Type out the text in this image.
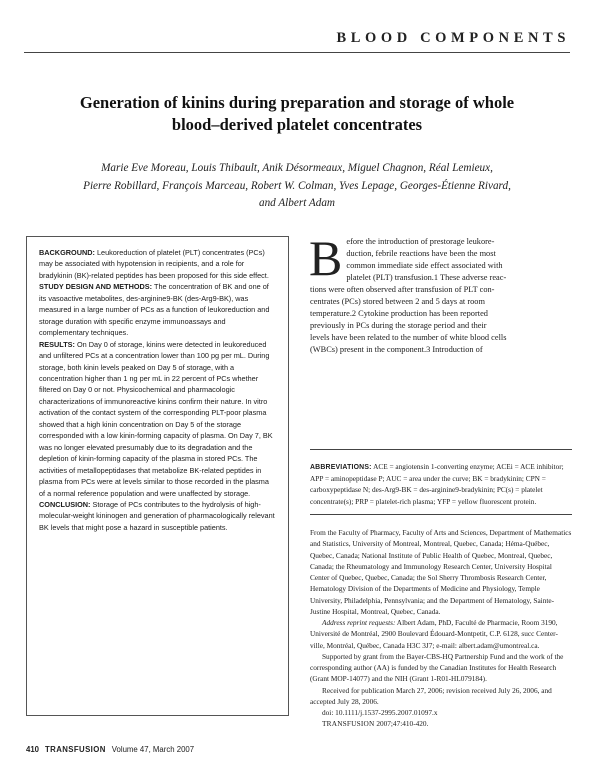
BLOOD COMPONENTS
Generation of kinins during preparation and storage of whole
blood–derived platelet concentrates
Marie Eve Moreau, Louis Thibault, Anik Désormeaux, Miguel Chagnon, Réal Lemieux,
Pierre Robillard, François Marceau, Robert W. Colman, Yves Lepage, Georges-Étienne Rivard,
and Albert Adam

BACKGROUND: Leukoreduction of platelet (PLT) concentrates (PCs) may be associated with hypotension in recipients, and a role for bradykinin (BK)-related peptides has been proposed for this side effect.

STUDY DESIGN AND METHODS: The concentration of BK and one of its vasoactive metabolites, des-arginine9-BK (des-Arg9-BK), was measured in a large number of PCs as a function of leukoreduction and storage duration with specific enzyme immunoassays and complementary techniques.

RESULTS: On Day 0 of storage, kinins were detected in leukoreduced and unfiltered PCs at a concentration lower than 100 pg per mL. During storage, both kinin levels peaked on Day 5 of storage, with a concentration higher than 1 ng per mL in 22 percent of PCs whether filtered on Day 0 or not. Physicochemical and pharmacologic characterizations of immunoreactive kinins confirm their nature. In vitro activation of the contact system of the corresponding PLT-poor plasma showed that a high kinin concentration on Day 5 of the storage corresponded with a low kinin-forming capacity of plasma. On Day 7, BK was no longer elevated presumably due to its degradation and the depletion of kinin-forming capacity of the plasma in stored PCs. The activities of metallopeptidases that metabolize BK-related peptides in plasma from PCs were at levels similar to those recorded in the plasma of a normal reference population and were unaffected by storage.

CONCLUSION: Storage of PCs contributes to the hydrolysis of high-molecular-weight kininogen and generation of pharmacologically relevant BK levels that might pose a hazard in susceptible patients.

B efore the introduction of prestorage leukore-
duction, febrile reactions have been the most
common immediate side effect associated with
platelet (PLT) transfusion.1 These adverse reac-
tions were often observed after transfusion of PLT con-
centrates (PCs) stored between 2 and 5 days at room
temperature.2 Cytokine production has been reported
previously in PCs during the storage period and their
levels have been related to the number of white blood cells
(WBCs) present in the component.3 Introduction of
ABBREVIATIONS: ACE = angiotensin 1-converting enzyme; ACEi = ACE inhibitor; APP = aminopeptidase P; AUC = area under the curve; BK = bradykinin; CPN = carboxypeptidase N; des-Arg9-BK = des-arginine9-bradykinin; PC(s) = platelet concentrate(s); PRP = platelet-rich plasma; YFP = yellow fluorescent protein.

From the Faculty of Pharmacy, Faculty of Arts and Sciences, Department of Mathematics and Statistics, University of Montreal, Montreal, Quebec, Canada; Héma-Québec, Quebec, Canada; National Institute of Public Health of Quebec, Montreal, Quebec, Canada; the Rheumatology and Immunology Research Center, University Hospital Center of Quebec, Quebec, Canada; the Sol Sherry Thrombosis Research Center, Hematology Division of the Departments of Medicine and Physiology, Temple University, Philadelphia, Pennsylvania; and the Department of Hematology, Sainte-Justine Hospital, Montreal, Quebec, Canada.

Address reprint requests: Albert Adam, PhD, Faculté de Pharmacie, Room 3190, Université de Montréal, 2900 Boulevard Édouard-Montpetit, C.P. 6128, succ Center-ville, Montréal, Québec, Canada H3C 3J7; e-mail: albert.adam@umontreal.ca.

Supported by grant from the Bayer-CBS-HQ Partnership Fund and the work of the corresponding author (AA) is funded by the Canadian Institutes for Health Research (Grant MOP-14077) and the NIH (Grant 1-R01-HL079184).

Received for publication March 27, 2006; revision received July 26, 2006, and accepted July 28, 2006.

doi: 10.1111/j.1537-2995.2007.01097.x

TRANSFUSION 2007;47:410-420.

410 TRANSFUSION Volume 47, March 2007
